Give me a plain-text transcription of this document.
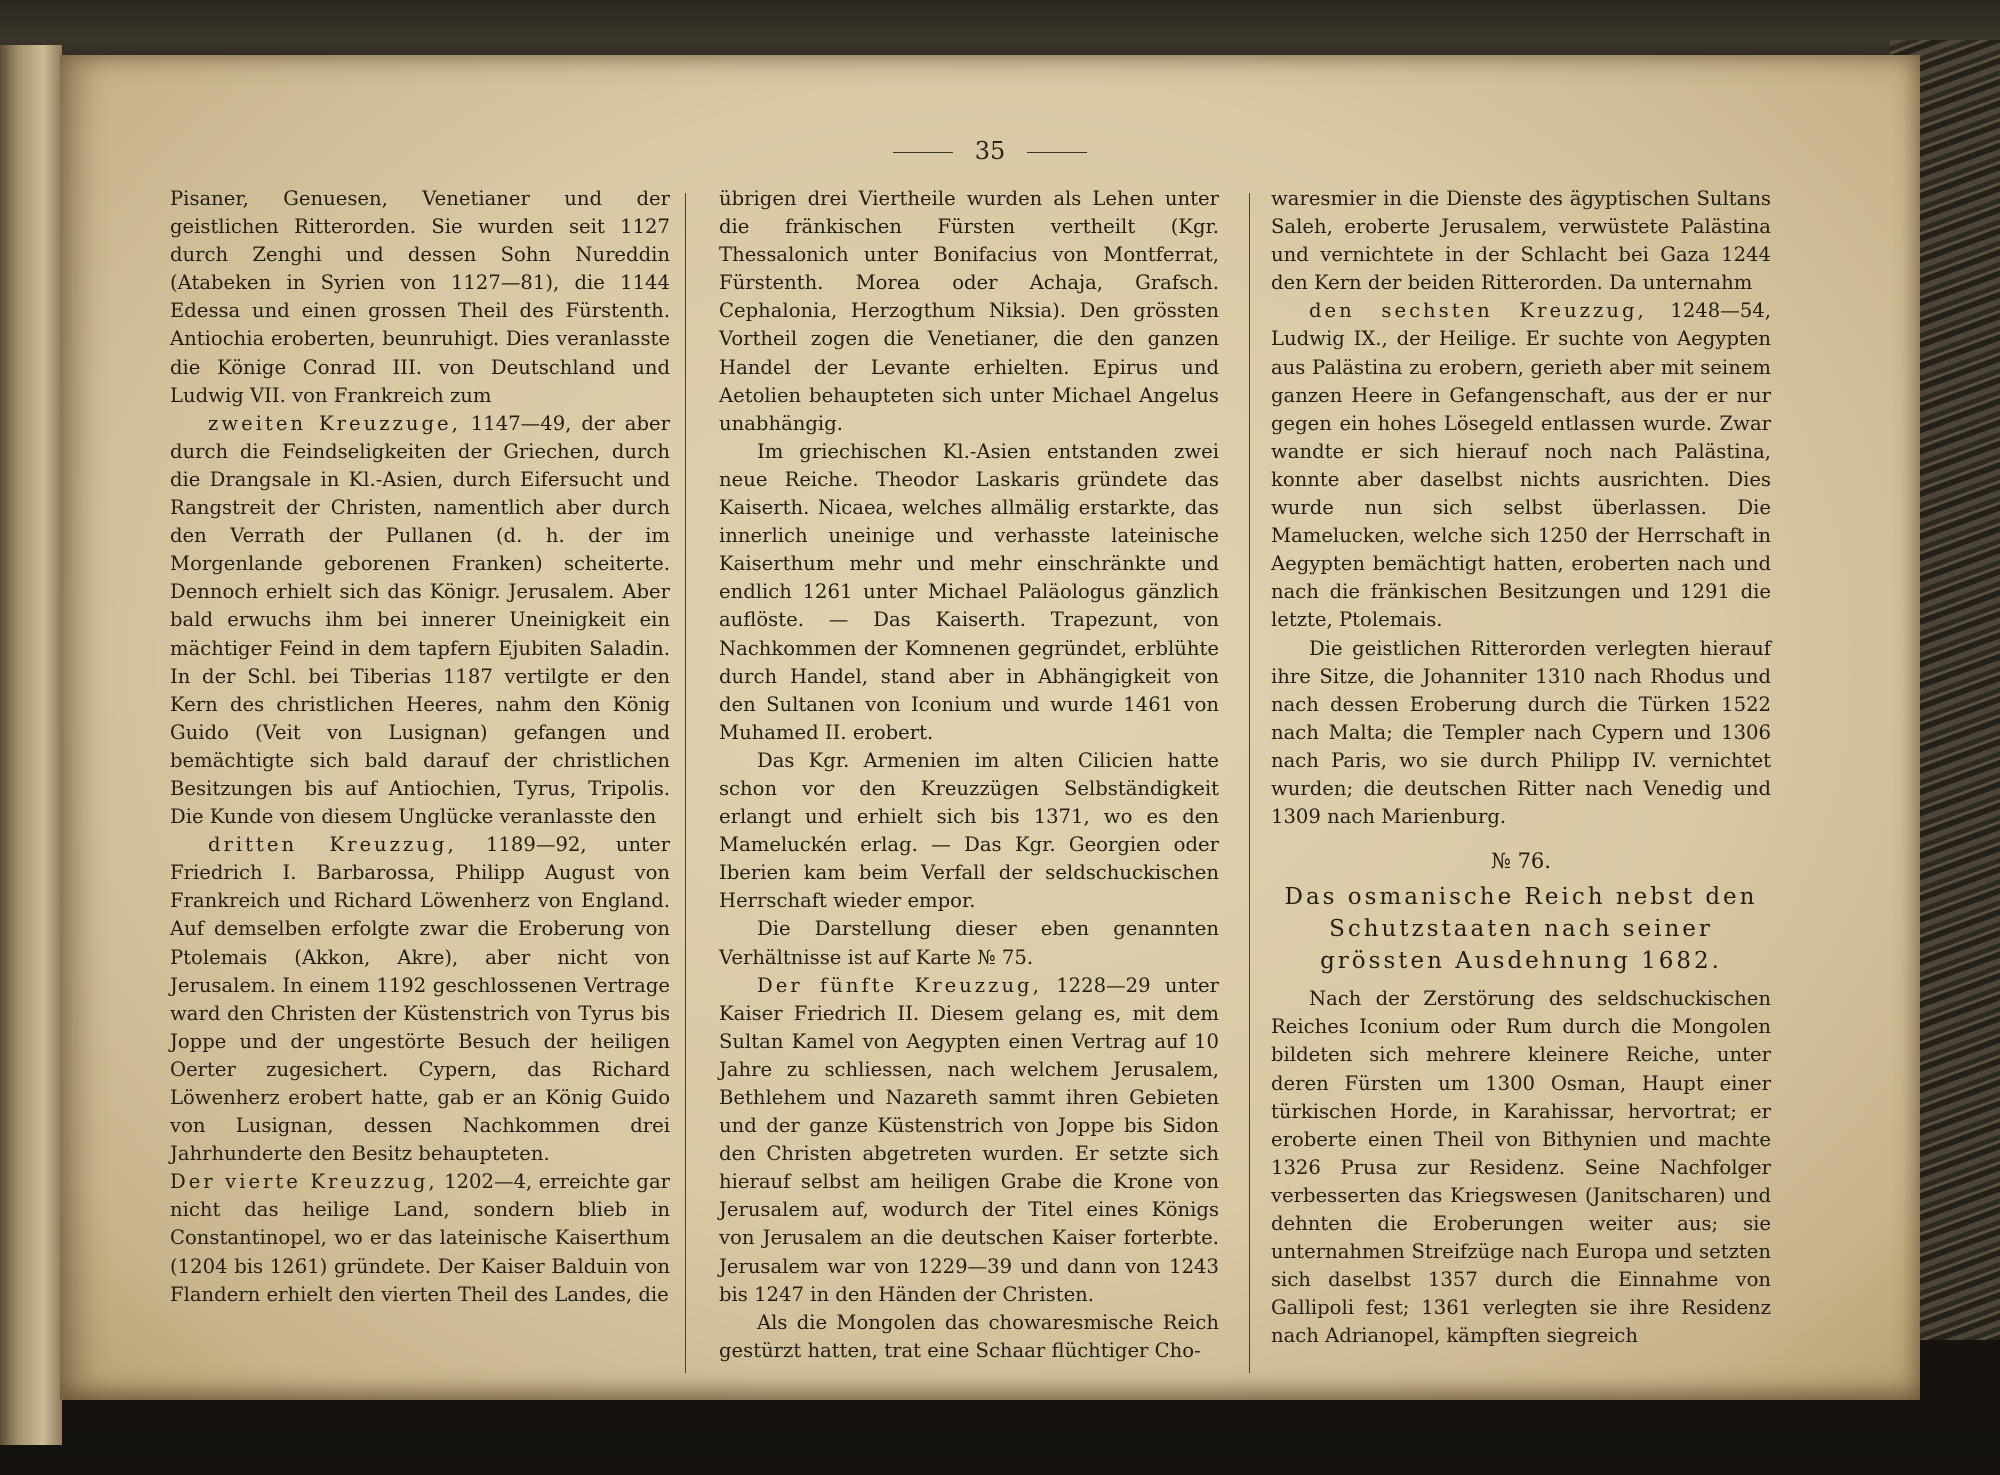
35

Pisaner, Genuesen, Venetianer und der geistlichen Ritterorden. Sie wurden seit 1127 durch Zenghi und dessen Sohn Nureddin (Atabeken in Syrien von 1127—81), die 1144 Edessa und einen grossen Theil des Fürstenth. Antiochia eroberten, beunruhigt. Dies veranlasste die Könige Conrad III. von Deutschland und Ludwig VII. von Frankreich zum

zweiten Kreuzzuge, 1147—49, der aber durch die Feindseligkeiten der Griechen, durch die Drangsale in Kl.-Asien, durch Eifersucht und Rangstreit der Christen, namentlich aber durch den Verrath der Pullanen (d. h. der im Morgenlande geborenen Franken) scheiterte. Dennoch erhielt sich das Königr. Jerusalem. Aber bald erwuchs ihm bei innerer Uneinigkeit ein mächtiger Feind in dem tapfern Ejubiten Saladin. In der Schl. bei Tiberias 1187 vertilgte er den Kern des christlichen Heeres, nahm den König Guido (Veit von Lusignan) gefangen und bemächtigte sich bald darauf der christlichen Besitzungen bis auf Antiochien, Tyrus, Tripolis. Die Kunde von diesem Unglücke veranlasste den

dritten Kreuzzug, 1189—92, unter Friedrich I. Barbarossa, Philipp August von Frankreich und Richard Löwenherz von England. Auf demselben erfolgte zwar die Eroberung von Ptolemais (Akkon, Akre), aber nicht von Jerusalem. In einem 1192 geschlossenen Vertrage ward den Christen der Küstenstrich von Tyrus bis Joppe und der ungestörte Besuch der heiligen Oerter zugesichert. Cypern, das Richard Löwenherz erobert hatte, gab er an König Guido von Lusignan, dessen Nachkommen drei Jahrhunderte den Besitz behaupteten.

Der vierte Kreuzzug, 1202—4, erreichte gar nicht das heilige Land, sondern blieb in Constantinopel, wo er das lateinische Kaiserthum (1204 bis 1261) gründete. Der Kaiser Balduin von Flandern erhielt den vierten Theil des Landes, die

übrigen drei Viertheile wurden als Lehen unter die fränkischen Fürsten vertheilt (Kgr. Thessalonich unter Bonifacius von Montferrat, Fürstenth. Morea oder Achaja, Grafsch. Cephalonia, Herzogthum Niksia). Den grössten Vortheil zogen die Venetianer, die den ganzen Handel der Levante erhielten. Epirus und Aetolien behaupteten sich unter Michael Angelus unabhängig.

Im griechischen Kl.-Asien entstanden zwei neue Reiche. Theodor Laskaris gründete das Kaiserth. Nicaea, welches allmälig erstarkte, das innerlich uneinige und verhasste lateinische Kaiserthum mehr und mehr einschränkte und endlich 1261 unter Michael Paläologus gänzlich auflöste. — Das Kaiserth. Trapezunt, von Nachkommen der Komnenen gegründet, erblühte durch Handel, stand aber in Abhängigkeit von den Sultanen von Iconium und wurde 1461 von Muhamed II. erobert.

Das Kgr. Armenien im alten Cilicien hatte schon vor den Kreuzzügen Selbständigkeit erlangt und erhielt sich bis 1371, wo es den Mameluckén erlag. — Das Kgr. Georgien oder Iberien kam beim Verfall der seldschuckischen Herrschaft wieder empor.

Die Darstellung dieser eben genannten Verhältnisse ist auf Karte № 75.

Der fünfte Kreuzzug, 1228—29 unter Kaiser Friedrich II. Diesem gelang es, mit dem Sultan Kamel von Aegypten einen Vertrag auf 10 Jahre zu schliessen, nach welchem Jerusalem, Bethlehem und Nazareth sammt ihren Gebieten und der ganze Küstenstrich von Joppe bis Sidon den Christen abgetreten wurden. Er setzte sich hierauf selbst am heiligen Grabe die Krone von Jerusalem auf, wodurch der Titel eines Königs von Jerusalem an die deutschen Kaiser forterbte. Jerusalem war von 1229—39 und dann von 1243 bis 1247 in den Händen der Christen.

Als die Mongolen das chowaresmische Reich gestürzt hatten, trat eine Schaar flüchtiger Cho-

waresmier in die Dienste des ägyptischen Sultans Saleh, eroberte Jerusalem, verwüstete Palästina und vernichtete in der Schlacht bei Gaza 1244 den Kern der beiden Ritterorden. Da unternahm

den sechsten Kreuzzug, 1248—54, Ludwig IX., der Heilige. Er suchte von Aegypten aus Palästina zu erobern, gerieth aber mit seinem ganzen Heere in Gefangenschaft, aus der er nur gegen ein hohes Lösegeld entlassen wurde. Zwar wandte er sich hierauf noch nach Palästina, konnte aber daselbst nichts ausrichten. Dies wurde nun sich selbst überlassen. Die Mamelucken, welche sich 1250 der Herrschaft in Aegypten bemächtigt hatten, eroberten nach und nach die fränkischen Besitzungen und 1291 die letzte, Ptolemais.

Die geistlichen Ritterorden verlegten hierauf ihre Sitze, die Johanniter 1310 nach Rhodus und nach dessen Eroberung durch die Türken 1522 nach Malta; die Templer nach Cypern und 1306 nach Paris, wo sie durch Philipp IV. vernichtet wurden; die deutschen Ritter nach Venedig und 1309 nach Marienburg.

№ 76.
Das osmanische Reich nebst den Schutzstaaten nach seiner grössten Ausdehnung 1682.

Nach der Zerstörung des seldschuckischen Reiches Iconium oder Rum durch die Mongolen bildeten sich mehrere kleinere Reiche, unter deren Fürsten um 1300 Osman, Haupt einer türkischen Horde, in Karahissar, hervortrat; er eroberte einen Theil von Bithynien und machte 1326 Prusa zur Residenz. Seine Nachfolger verbesserten das Kriegswesen (Janitscharen) und dehnten die Eroberungen weiter aus; sie unternahmen Streifzüge nach Europa und setzten sich daselbst 1357 durch die Einnahme von Gallipoli fest; 1361 verlegten sie ihre Residenz nach Adrianopel, kämpften siegreich
